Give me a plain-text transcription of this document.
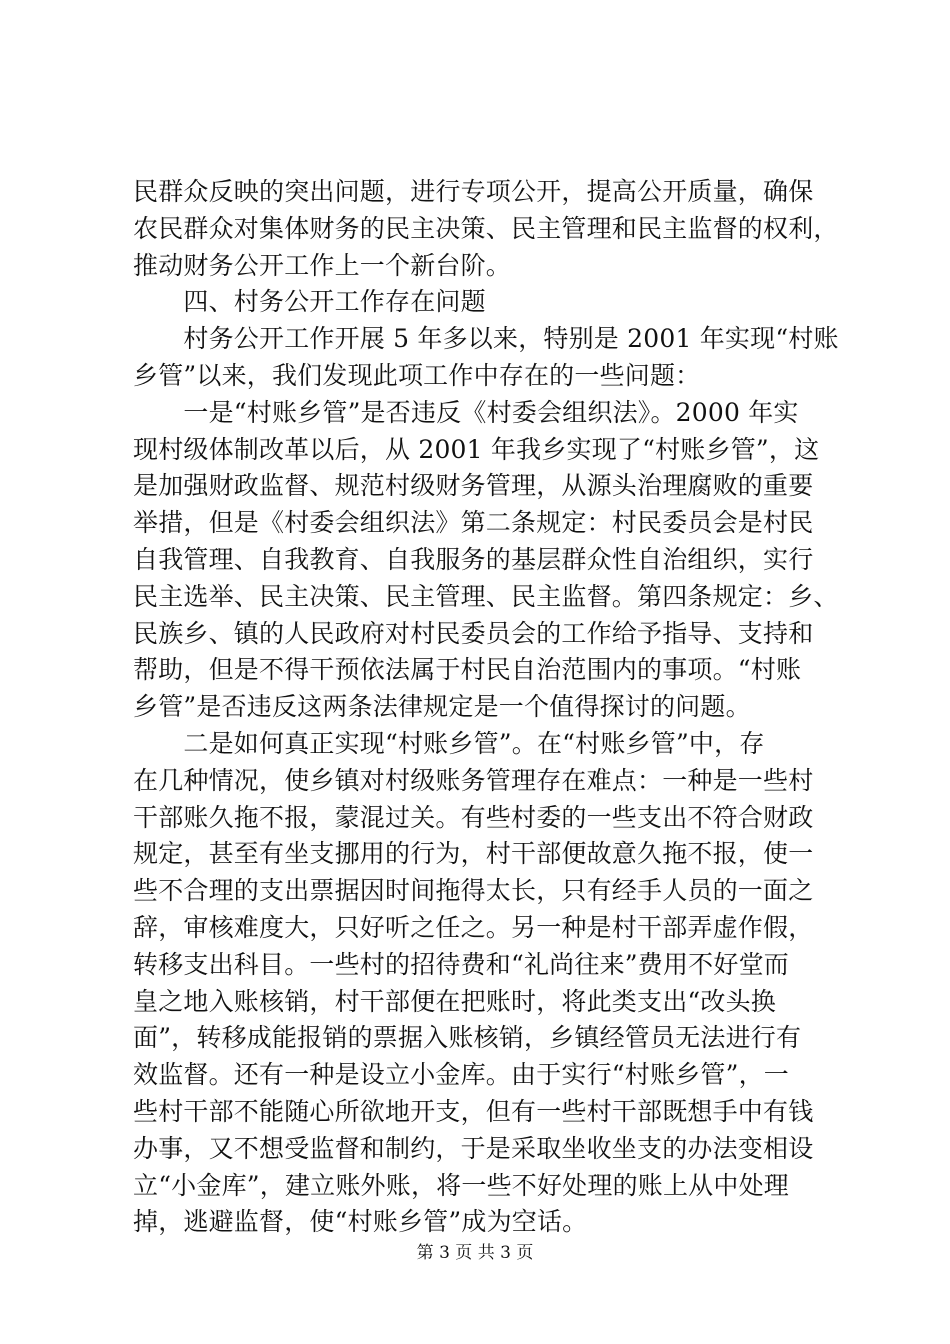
民群众反映的突出问题，进行专项公开，提高公开质量，确保
农民群众对集体财务的民主决策、民主管理和民主监督的权利，
推动财务公开工作上一个新台阶。
　　四、村务公开工作存在问题
　　村务公开工作开展 5 年多以来，特别是 2001 年实现“村账
乡管”以来，我们发现此项工作中存在的一些问题：
　　一是“村账乡管”是否违反《村委会组织法》。2000 年实
现村级体制改革以后，从 2001 年我乡实现了“村账乡管”，这
是加强财政监督、规范村级财务管理，从源头治理腐败的重要
举措，但是《村委会组织法》第二条规定：村民委员会是村民
自我管理、自我教育、自我服务的基层群众性自治组织，实行
民主选举、民主决策、民主管理、民主监督。第四条规定：乡、
民族乡、镇的人民政府对村民委员会的工作给予指导、支持和
帮助，但是不得干预依法属于村民自治范围内的事项。“村账
乡管”是否违反这两条法律规定是一个值得探讨的问题。
　　二是如何真正实现“村账乡管”。在“村账乡管”中，存
在几种情况，使乡镇对村级账务管理存在难点：一种是一些村
干部账久拖不报，蒙混过关。有些村委的一些支出不符合财政
规定，甚至有坐支挪用的行为，村干部便故意久拖不报，使一
些不合理的支出票据因时间拖得太长，只有经手人员的一面之
辞，审核难度大，只好听之任之。另一种是村干部弄虚作假，
转移支出科目。一些村的招待费和“礼尚往来”费用不好堂而
皇之地入账核销，村干部便在把账时，将此类支出“改头换
面”，转移成能报销的票据入账核销，乡镇经管员无法进行有
效监督。还有一种是设立小金库。由于实行“村账乡管”，一
些村干部不能随心所欲地开支，但有一些村干部既想手中有钱
办事，又不想受监督和制约，于是采取坐收坐支的办法变相设
立“小金库”，建立账外账，将一些不好处理的账上从中处理
掉，逃避监督，使“村账乡管”成为空话。
第 3 页 共 3 页
